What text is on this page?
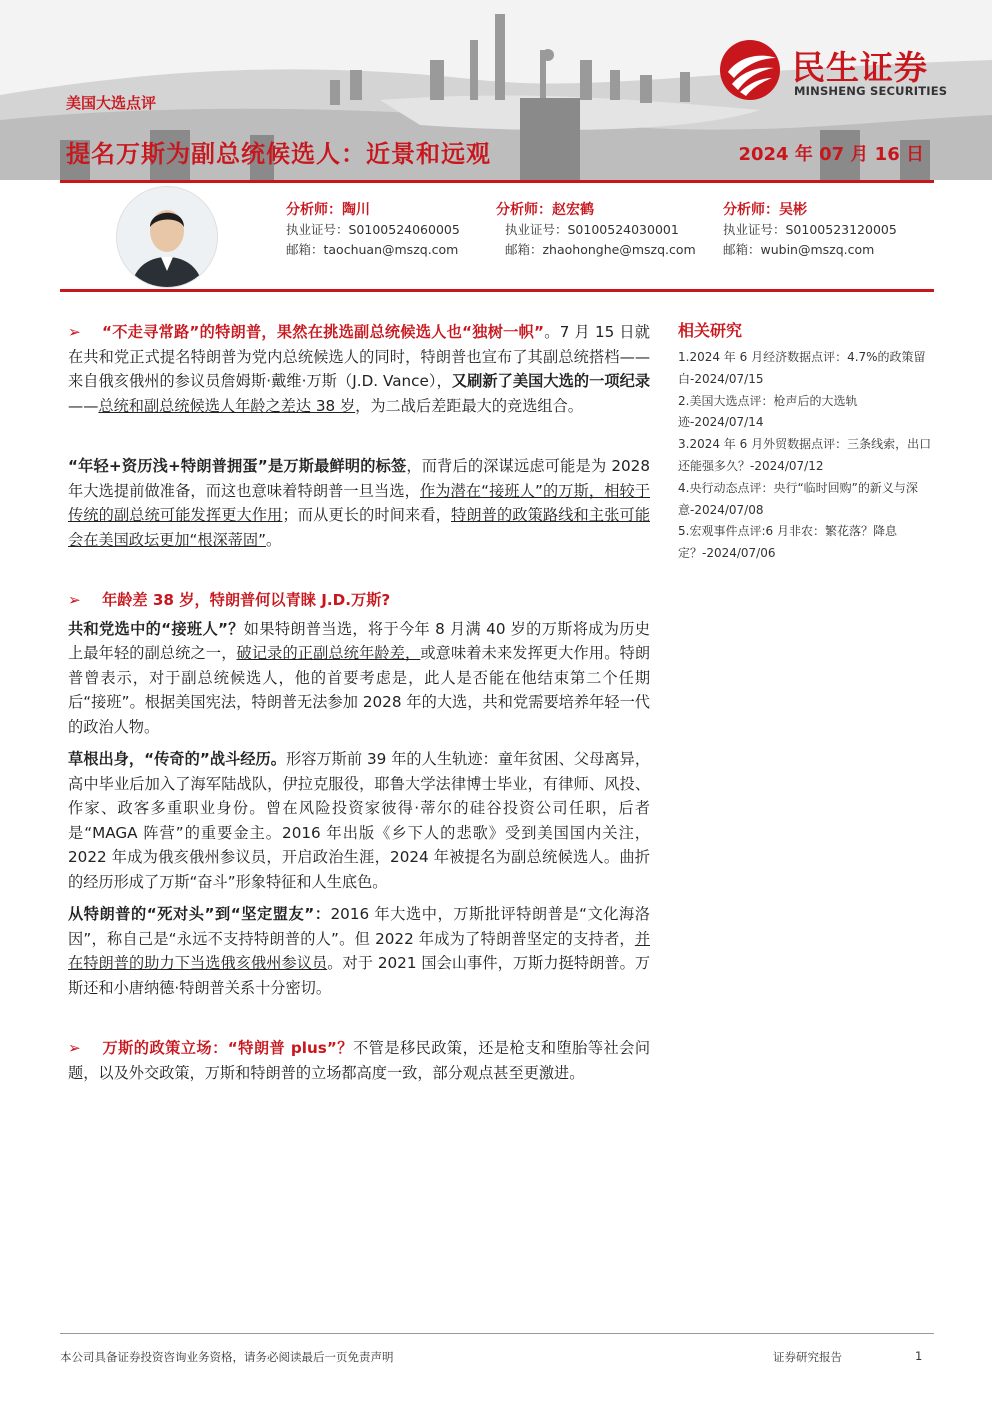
民生证券
MINSHENG SECURITIES
美国大选点评
提名万斯为副总统候选人：近景和远观	2024 年 07 月 16 日
分析师：陶川
执业证号：S0100524060005
邮箱：taochuan@mszq.com
分析师：赵宏鹤
执业证号：S0100524030001
邮箱：zhaohonghe@mszq.com
分析师：吴彬
执业证号：S0100523120005
邮箱：wubin@mszq.com

➢ “不走寻常路”的特朗普，果然在挑选副总统候选人也“独树一帜”。7 月 15 日就在共和党正式提名特朗普为党内总统候选人的同时，特朗普也宣布了其副总统搭档——来自俄亥俄州的参议员詹姆斯·戴维·万斯（J.D. Vance），又刷新了美国大选的一项纪录——总统和副总统候选人年龄之差达 38 岁，为二战后差距最大的竞选组合。

“年轻+资历浅+特朗普拥蛋”是万斯最鲜明的标签，而背后的深谋远虑可能是为 2028 年大选提前做准备，而这也意味着特朗普一旦当选，作为潜在“接班人”的万斯，相较于传统的副总统可能发挥更大作用；而从更长的时间来看，特朗普的政策路线和主张可能会在美国政坛更加“根深蒂固”。

➢ 年龄差 38 岁，特朗普何以青睐 J.D.万斯?

共和党选中的“接班人”？如果特朗普当选，将于今年 8 月满 40 岁的万斯将成为历史上最年轻的副总统之一，破记录的正副总统年龄差，或意味着未来发挥更大作用。特朗普曾表示，对于副总统候选人，他的首要考虑是，此人是否能在他结束第二个任期后“接班”。根据美国宪法，特朗普无法参加 2028 年的大选，共和党需要培养年轻一代的政治人物。

草根出身，“传奇的”战斗经历。形容万斯前 39 年的人生轨迹：童年贫困、父母离异，高中毕业后加入了海军陆战队，伊拉克服役，耶鲁大学法律博士毕业，有律师、风投、作家、政客多重职业身份。曾在风险投资家彼得·蒂尔的硅谷投资公司任职，后者是“MAGA 阵营”的重要金主。2016 年出版《乡下人的悲歌》受到美国国内关注，2022 年成为俄亥俄州参议员，开启政治生涯，2024 年被提名为副总统候选人。曲折的经历形成了万斯“奋斗”形象特征和人生底色。

从特朗普的“死对头”到“坚定盟友”：2016 年大选中，万斯批评特朗普是“文化海洛因”，称自己是“永远不支持特朗普的人”。但 2022 年成为了特朗普坚定的支持者，并在特朗普的助力下当选俄亥俄州参议员。对于 2021 国会山事件，万斯力挺特朗普。万斯还和小唐纳德·特朗普关系十分密切。

➢ 万斯的政策立场：“特朗普 plus”？不管是移民政策，还是枪支和堕胎等社会问题，以及外交政策，万斯和特朗普的立场都高度一致，部分观点甚至更激进。

相关研究
1.2024 年 6 月经济数据点评：4.7%的政策留白-2024/07/15
2.美国大选点评：枪声后的大选轨迹-2024/07/14
3.2024 年 6 月外贸数据点评：三条线索，出口还能强多久？-2024/07/12
4.央行动态点评：央行“临时回购”的新义与深意-2024/07/08
5.宏观事件点评:6 月非农：繁花落？降息定？-2024/07/06
本公司具备证券投资咨询业务资格，请务必阅读最后一页免责声明	证券研究报告	1
